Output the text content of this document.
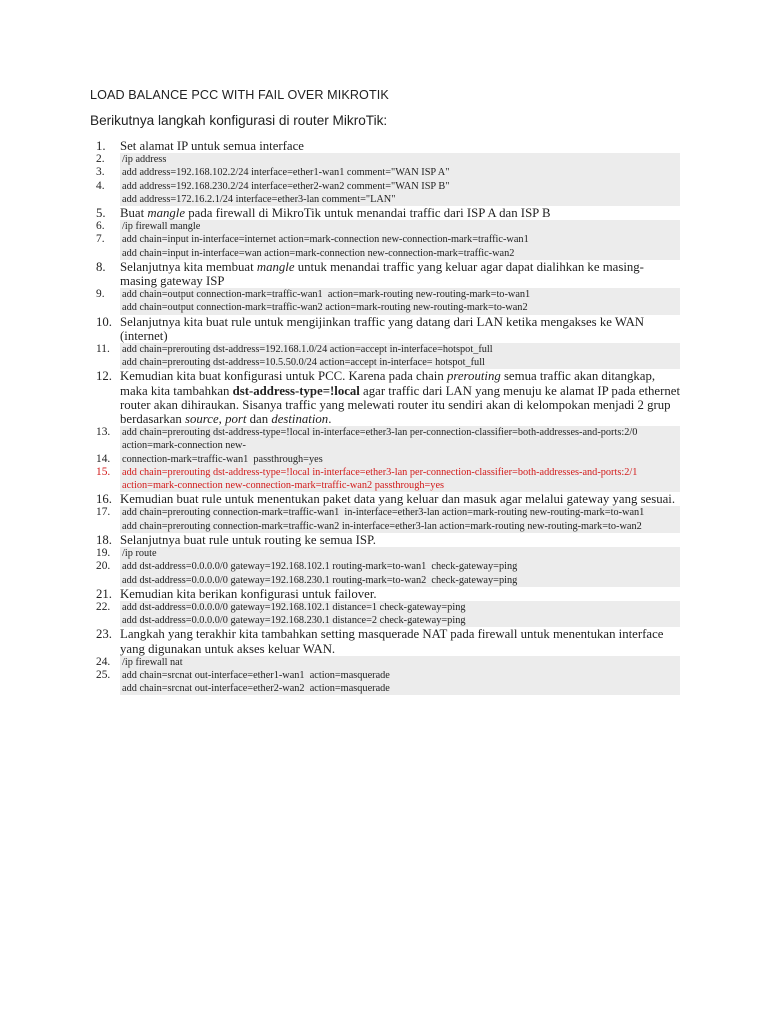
LOAD BALANCE PCC WITH FAIL OVER MIKROTIK
Berikutnya langkah konfigurasi di router MikroTik:
1.	Set alamat IP untuk semua interface
2.	/ip address
3.	add address=192.168.102.2/24 interface=ether1-wan1 comment="WAN ISP A"
4.	add address=192.168.230.2/24 interface=ether2-wan2 comment="WAN ISP B"
add address=172.16.2.1/24 interface=ether3-lan comment="LAN"
5.	Buat mangle pada firewall di MikroTik untuk menandai traffic dari ISP A dan ISP B
6.	/ip firewall mangle
7.	add chain=input in-interface=internet action=mark-connection new-connection-mark=traffic-wan1
add chain=input in-interface=wan action=mark-connection new-connection-mark=traffic-wan2
8.	Selanjutnya kita membuat mangle untuk menandai traffic yang keluar agar dapat dialihkan ke masing-masing gateway ISP
9.	add chain=output connection-mark=traffic-wan1  action=mark-routing new-routing-mark=to-wan1
add chain=output connection-mark=traffic-wan2 action=mark-routing new-routing-mark=to-wan2
10. Selanjutnya kita buat rule untuk mengijinkan traffic yang datang dari LAN ketika mengakses ke WAN (internet)
11.	add chain=prerouting dst-address=192.168.1.0/24 action=accept in-interface=hotspot_full
add chain=prerouting dst-address=10.5.50.0/24 action=accept in-interface= hotspot_full
12. Kemudian kita buat konfigurasi untuk PCC. Karena pada chain prerouting semua traffic akan ditangkap, maka kita tambahkan dst-address-type=!local agar traffic dari LAN yang menuju ke alamat IP pada ethernet router akan dihiraukan. Sisanya traffic yang melewati router itu sendiri akan di kelompokan menjadi 2 grup berdasarkan source, port dan destination.
13.	add chain=prerouting dst-address-type=!local in-interface=ether3-lan per-connection-classifier=both-addresses-and-ports:2/0 action=mark-connection new-
14.	connection-mark=traffic-wan1  passthrough=yes
15.	add chain=prerouting dst-address-type=!local in-interface=ether3-lan per-connection-classifier=both-addresses-and-ports:2/1 action=mark-connection new-connection-mark=traffic-wan2 passthrough=yes
16. Kemudian buat rule untuk menentukan paket data yang keluar dan masuk agar melalui gateway yang sesuai.
17.	add chain=prerouting connection-mark=traffic-wan1  in-interface=ether3-lan action=mark-routing new-routing-mark=to-wan1
add chain=prerouting connection-mark=traffic-wan2 in-interface=ether3-lan action=mark-routing new-routing-mark=to-wan2
18. Selanjutnya buat rule untuk routing ke semua ISP.
19.	/ip route
20.	add dst-address=0.0.0.0/0 gateway=192.168.102.1 routing-mark=to-wan1  check-gateway=ping
add dst-address=0.0.0.0/0 gateway=192.168.230.1 routing-mark=to-wan2  check-gateway=ping
21. Kemudian kita berikan konfigurasi untuk failover.
22.	add dst-address=0.0.0.0/0 gateway=192.168.102.1 distance=1 check-gateway=ping
add dst-address=0.0.0.0/0 gateway=192.168.230.1 distance=2 check-gateway=ping
23. Langkah yang terakhir kita tambahkan setting masquerade NAT pada firewall untuk menentukan interface yang digunakan untuk akses keluar WAN.
24.	/ip firewall nat
25.	add chain=srcnat out-interface=ether1-wan1  action=masquerade
add chain=srcnat out-interface=ether2-wan2  action=masquerade
